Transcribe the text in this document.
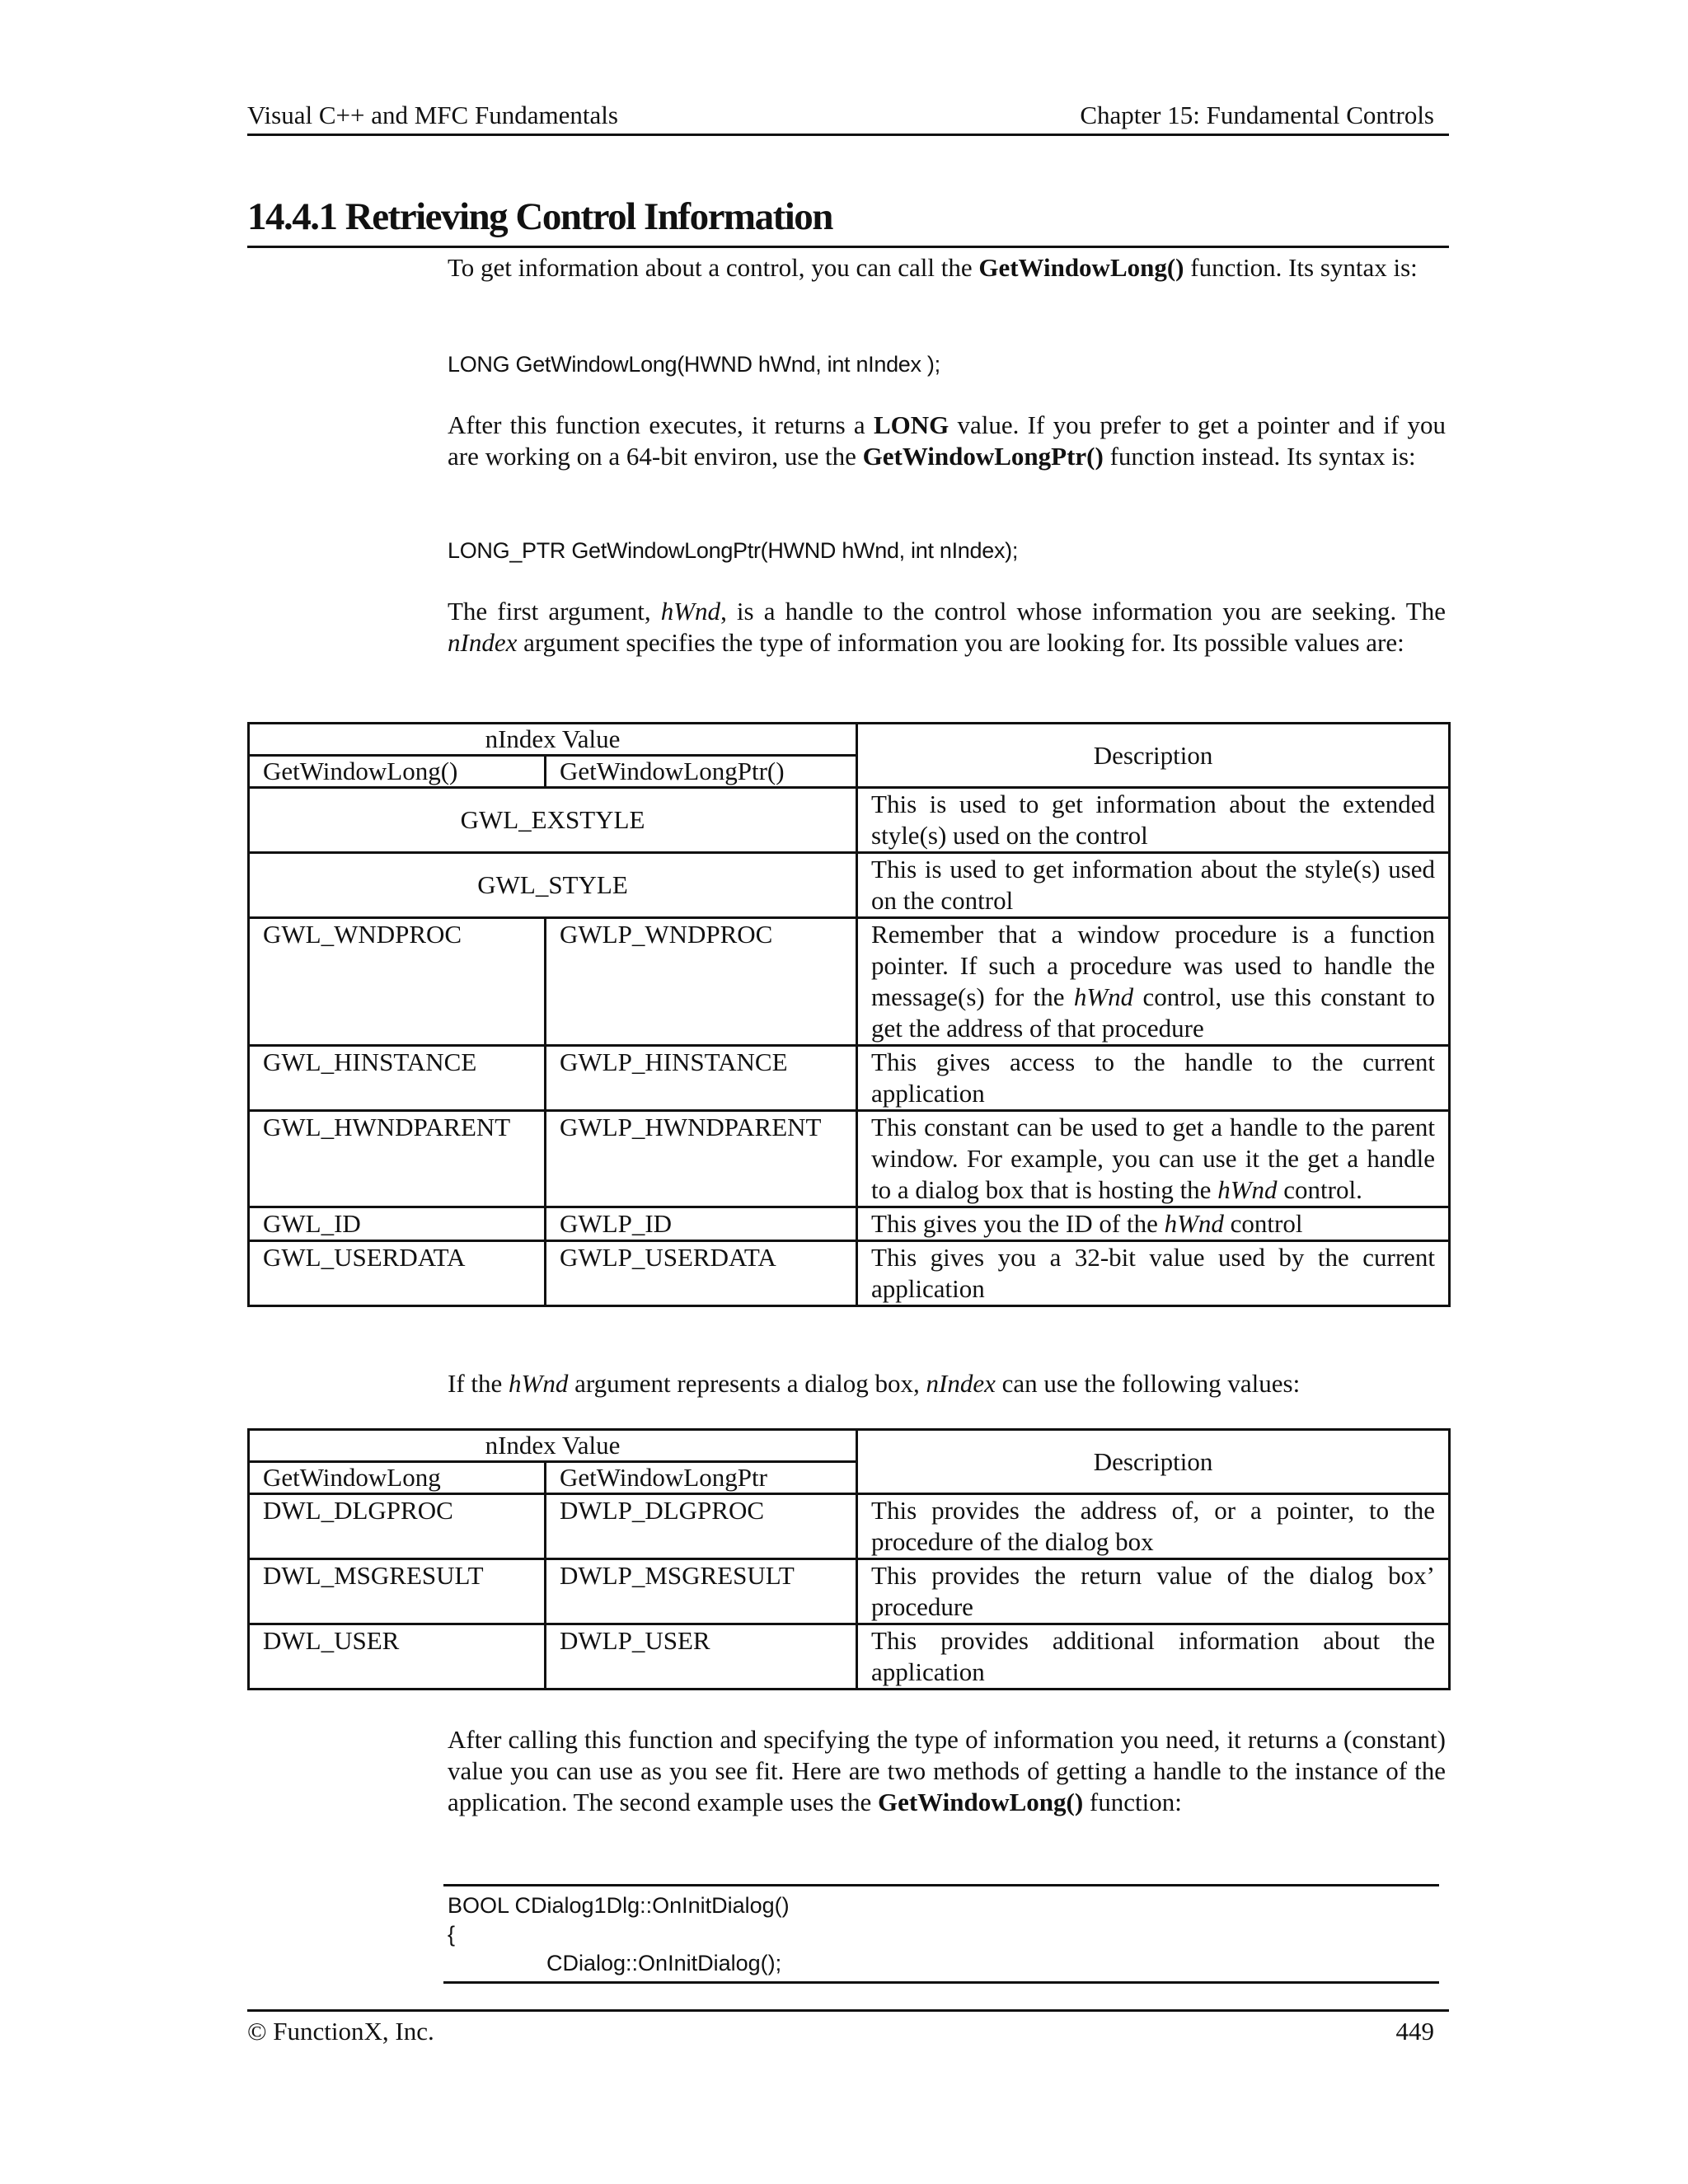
Visual C++ and MFC Fundamentals	Chapter 15: Fundamental Controls
14.4.1 Retrieving Control Information
To get information about a control, you can call the GetWindowLong() function. Its syntax is:
LONG GetWindowLong(HWND hWnd, int nIndex );
After this function executes, it returns a LONG value. If you prefer to get a pointer and if you are working on a 64-bit environ, use the GetWindowLongPtr() function instead. Its syntax is:
LONG_PTR GetWindowLongPtr(HWND hWnd, int nIndex);
The first argument, hWnd, is a handle to the control whose information you are seeking. The nIndex argument specifies the type of information you are looking for. Its possible values are:
nIndex Value		Description
GetWindowLong()	GetWindowLongPtr()	
GWL_EXSTYLE		This is used to get information about the extended style(s) used on the control
GWL_STYLE		This is used to get information about the style(s) used on the control
GWL_WNDPROC	GWLP_WNDPROC	Remember that a window procedure is a function pointer. If such a procedure was used to handle the message(s) for the hWnd control, use this constant to get the address of that procedure
GWL_HINSTANCE	GWLP_HINSTANCE	This gives access to the handle to the current application
GWL_HWNDPARENT	GWLP_HWNDPARENT	This constant can be used to get a handle to the parent window. For example, you can use it the get a handle to a dialog box that is hosting the hWnd control.
GWL_ID	GWLP_ID	This gives you the ID of the hWnd control
GWL_USERDATA	GWLP_USERDATA	This gives you a 32-bit value used by the current application
If the hWnd argument represents a dialog box, nIndex can use the following values:
nIndex Value		Description
GetWindowLong	GetWindowLongPtr	
DWL_DLGPROC	DWLP_DLGPROC	This provides the address of, or a pointer, to the procedure of the dialog box
DWL_MSGRESULT	DWLP_MSGRESULT	This provides the return value of the dialog box’ procedure
DWL_USER	DWLP_USER	This provides additional information about the application
After calling this function and specifying the type of information you need, it returns a (constant) value you can use as you see fit. Here are two methods of getting a handle to the instance of the application. The second example uses the GetWindowLong() function:
BOOL CDialog1Dlg::OnInitDialog()
{
CDialog::OnInitDialog();
© FunctionX, Inc.	449
